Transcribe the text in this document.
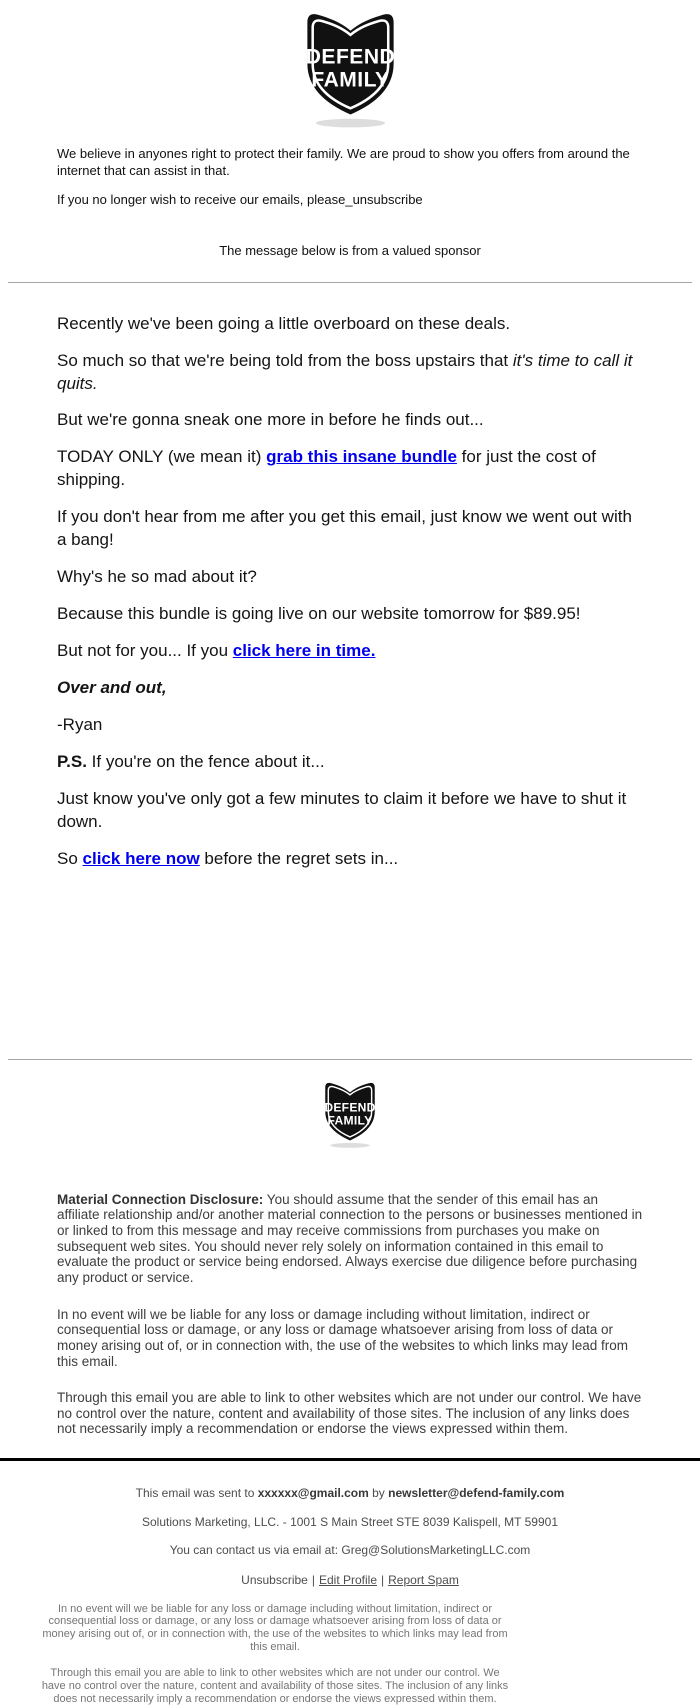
DEFEND
FAMILY

We believe in anyones right to protect their family. We are proud to show you offers from around the internet that can assist in that.

If you no longer wish to receive our emails, please_unsubscribe

The message below is from a valued sponsor

Recently we've been going a little overboard on these deals.

So much so that we're being told from the boss upstairs that it's time to call it quits.

But we're gonna sneak one more in before he finds out...

TODAY ONLY (we mean it) grab this insane bundle for just the cost of shipping.

If you don't hear from me after you get this email, just know we went out with a bang!

Why's he so mad about it?

Because this bundle is going live on our website tomorrow for $89.95!

But not for you... If you click here in time.

Over and out,

-Ryan

P.S. If you're on the fence about it...

Just know you've only got a few minutes to claim it before we have to shut it down.

So click here now before the regret sets in...

DEFEND
FAMILY

Material Connection Disclosure: You should assume that the sender of this email has an affiliate relationship and/or another material connection to the persons or businesses mentioned in or linked to from this message and may receive commissions from purchases you make on subsequent web sites. You should never rely solely on information contained in this email to evaluate the product or service being endorsed. Always exercise due diligence before purchasing any product or service.

In no event will we be liable for any loss or damage including without limitation, indirect or consequential loss or damage, or any loss or damage whatsoever arising from loss of data or money arising out of, or in connection with, the use of the websites to which links may lead from this email.

Through this email you are able to link to other websites which are not under our control. We have no control over the nature, content and availability of those sites. The inclusion of any links does not necessarily imply a recommendation or endorse the views expressed within them.

This email was sent to xxxxxx@gmail.com by newsletter@defend-family.com

Solutions Marketing, LLC. - 1001 S Main Street STE 8039 Kalispell, MT 59901

You can contact us via email at: Greg@SolutionsMarketingLLC.com

Unsubscribe | Edit Profile | Report Spam

In no event will we be liable for any loss or damage including without limitation, indirect or consequential loss or damage, or any loss or damage whatsoever arising from loss of data or money arising out of, or in connection with, the use of the websites to which links may lead from this email.

Through this email you are able to link to other websites which are not under our control. We have no control over the nature, content and availability of those sites. The inclusion of any links does not necessarily imply a recommendation or endorse the views expressed within them.
